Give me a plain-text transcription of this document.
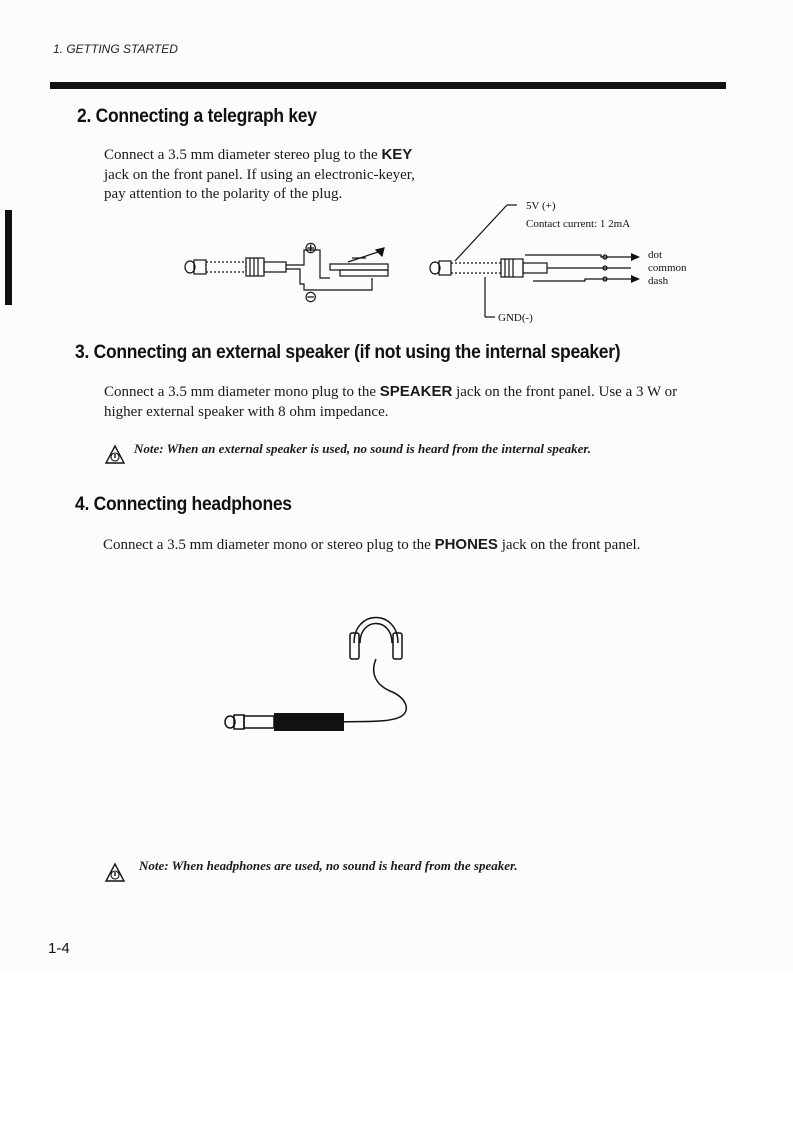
1. GETTING STARTED
2. Connecting a telegraph key

Connect a 3.5 mm diameter stereo plug to the KEY jack on the front panel. If using an electronic-keyer, pay attention to the polarity of the plug.

⊕
⊖
5V (+)
Contact current: 1 2mA
dot
common
dash
GND(-)
3. Connecting an external speaker (if not using the internal speaker)

Connect a 3.5 mm diameter mono plug to the SPEAKER jack on the front panel. Use a 3 W or higher external speaker with 8 ohm impedance.

Note: When an external speaker is used, no sound is heard from the internal speaker.
4. Connecting headphones

Connect a 3.5 mm diameter mono or stereo plug to the PHONES jack on the front panel.

Note: When headphones are used, no sound is heard from the speaker.
1-4
